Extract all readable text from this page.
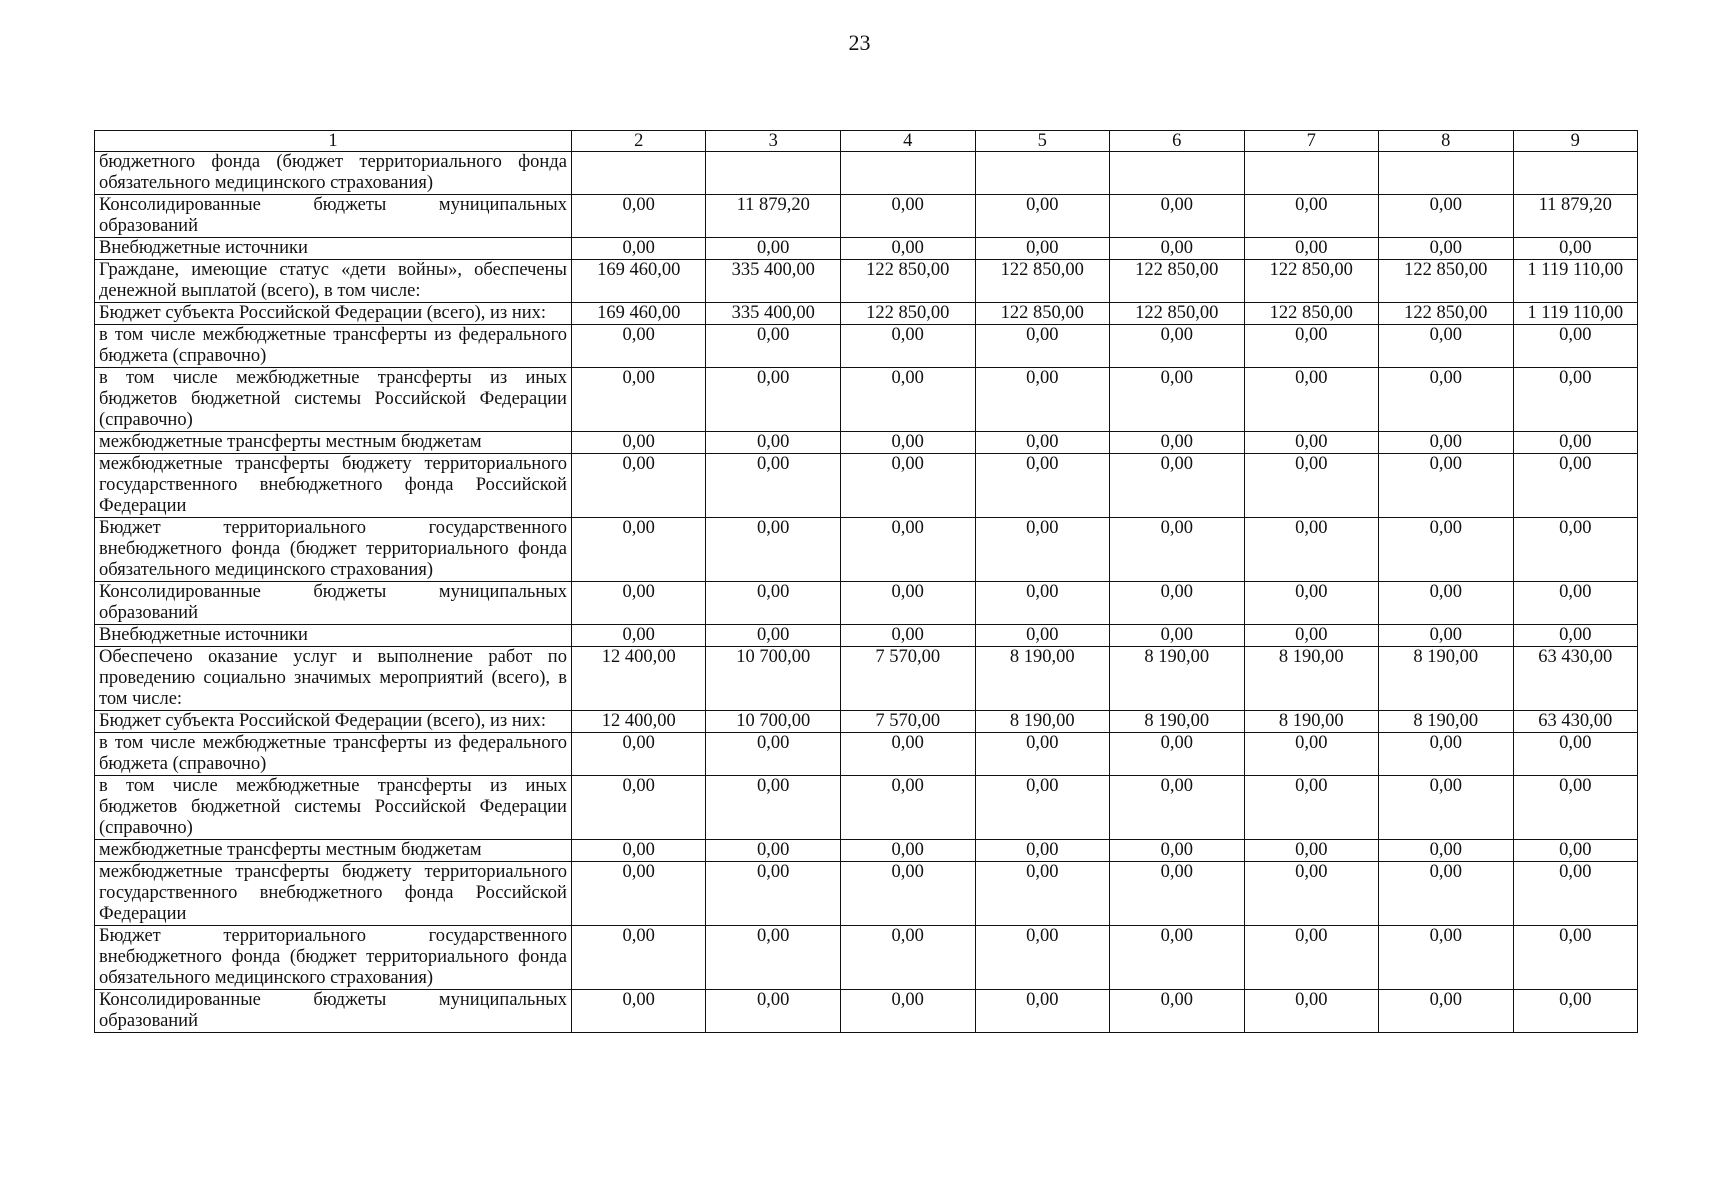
23
1	2	3	4	5	6	7	8	9
бюджетного фонда (бюджет территориального фонда обязательного медицинского страхования)								
Консолидированные бюджеты муниципальных образований	0,00	11 879,20	0,00	0,00	0,00	0,00	0,00	11 879,20
Внебюджетные источники	0,00	0,00	0,00	0,00	0,00	0,00	0,00	0,00
Граждане, имеющие статус «дети войны», обеспечены денежной выплатой (всего), в том числе:	169 460,00	335 400,00	122 850,00	122 850,00	122 850,00	122 850,00	122 850,00	1 119 110,00
Бюджет субъекта Российской Федерации (всего), из них:	169 460,00	335 400,00	122 850,00	122 850,00	122 850,00	122 850,00	122 850,00	1 119 110,00
в том числе межбюджетные трансферты из федерального бюджета (справочно)	0,00	0,00	0,00	0,00	0,00	0,00	0,00	0,00
в том числе межбюджетные трансферты из иных бюджетов бюджетной системы Российской Федерации (справочно)	0,00	0,00	0,00	0,00	0,00	0,00	0,00	0,00
межбюджетные трансферты местным бюджетам	0,00	0,00	0,00	0,00	0,00	0,00	0,00	0,00
межбюджетные трансферты бюджету территориального государственного внебюджетного фонда Российской Федерации	0,00	0,00	0,00	0,00	0,00	0,00	0,00	0,00
Бюджет территориального государственного внебюджетного фонда (бюджет территориального фонда обязательного медицинского страхования)	0,00	0,00	0,00	0,00	0,00	0,00	0,00	0,00
Консолидированные бюджеты муниципальных образований	0,00	0,00	0,00	0,00	0,00	0,00	0,00	0,00
Внебюджетные источники	0,00	0,00	0,00	0,00	0,00	0,00	0,00	0,00
Обеспечено оказание услуг и выполнение работ по проведению социально значимых мероприятий (всего), в том числе:	12 400,00	10 700,00	7 570,00	8 190,00	8 190,00	8 190,00	8 190,00	63 430,00
Бюджет субъекта Российской Федерации (всего), из них:	12 400,00	10 700,00	7 570,00	8 190,00	8 190,00	8 190,00	8 190,00	63 430,00
в том числе межбюджетные трансферты из федерального бюджета (справочно)	0,00	0,00	0,00	0,00	0,00	0,00	0,00	0,00
в том числе межбюджетные трансферты из иных бюджетов бюджетной системы Российской Федерации (справочно)	0,00	0,00	0,00	0,00	0,00	0,00	0,00	0,00
межбюджетные трансферты местным бюджетам	0,00	0,00	0,00	0,00	0,00	0,00	0,00	0,00
межбюджетные трансферты бюджету территориального государственного внебюджетного фонда Российской Федерации	0,00	0,00	0,00	0,00	0,00	0,00	0,00	0,00
Бюджет территориального государственного внебюджетного фонда (бюджет территориального фонда обязательного медицинского страхования)	0,00	0,00	0,00	0,00	0,00	0,00	0,00	0,00
Консолидированные бюджеты муниципальных образований	0,00	0,00	0,00	0,00	0,00	0,00	0,00	0,00
